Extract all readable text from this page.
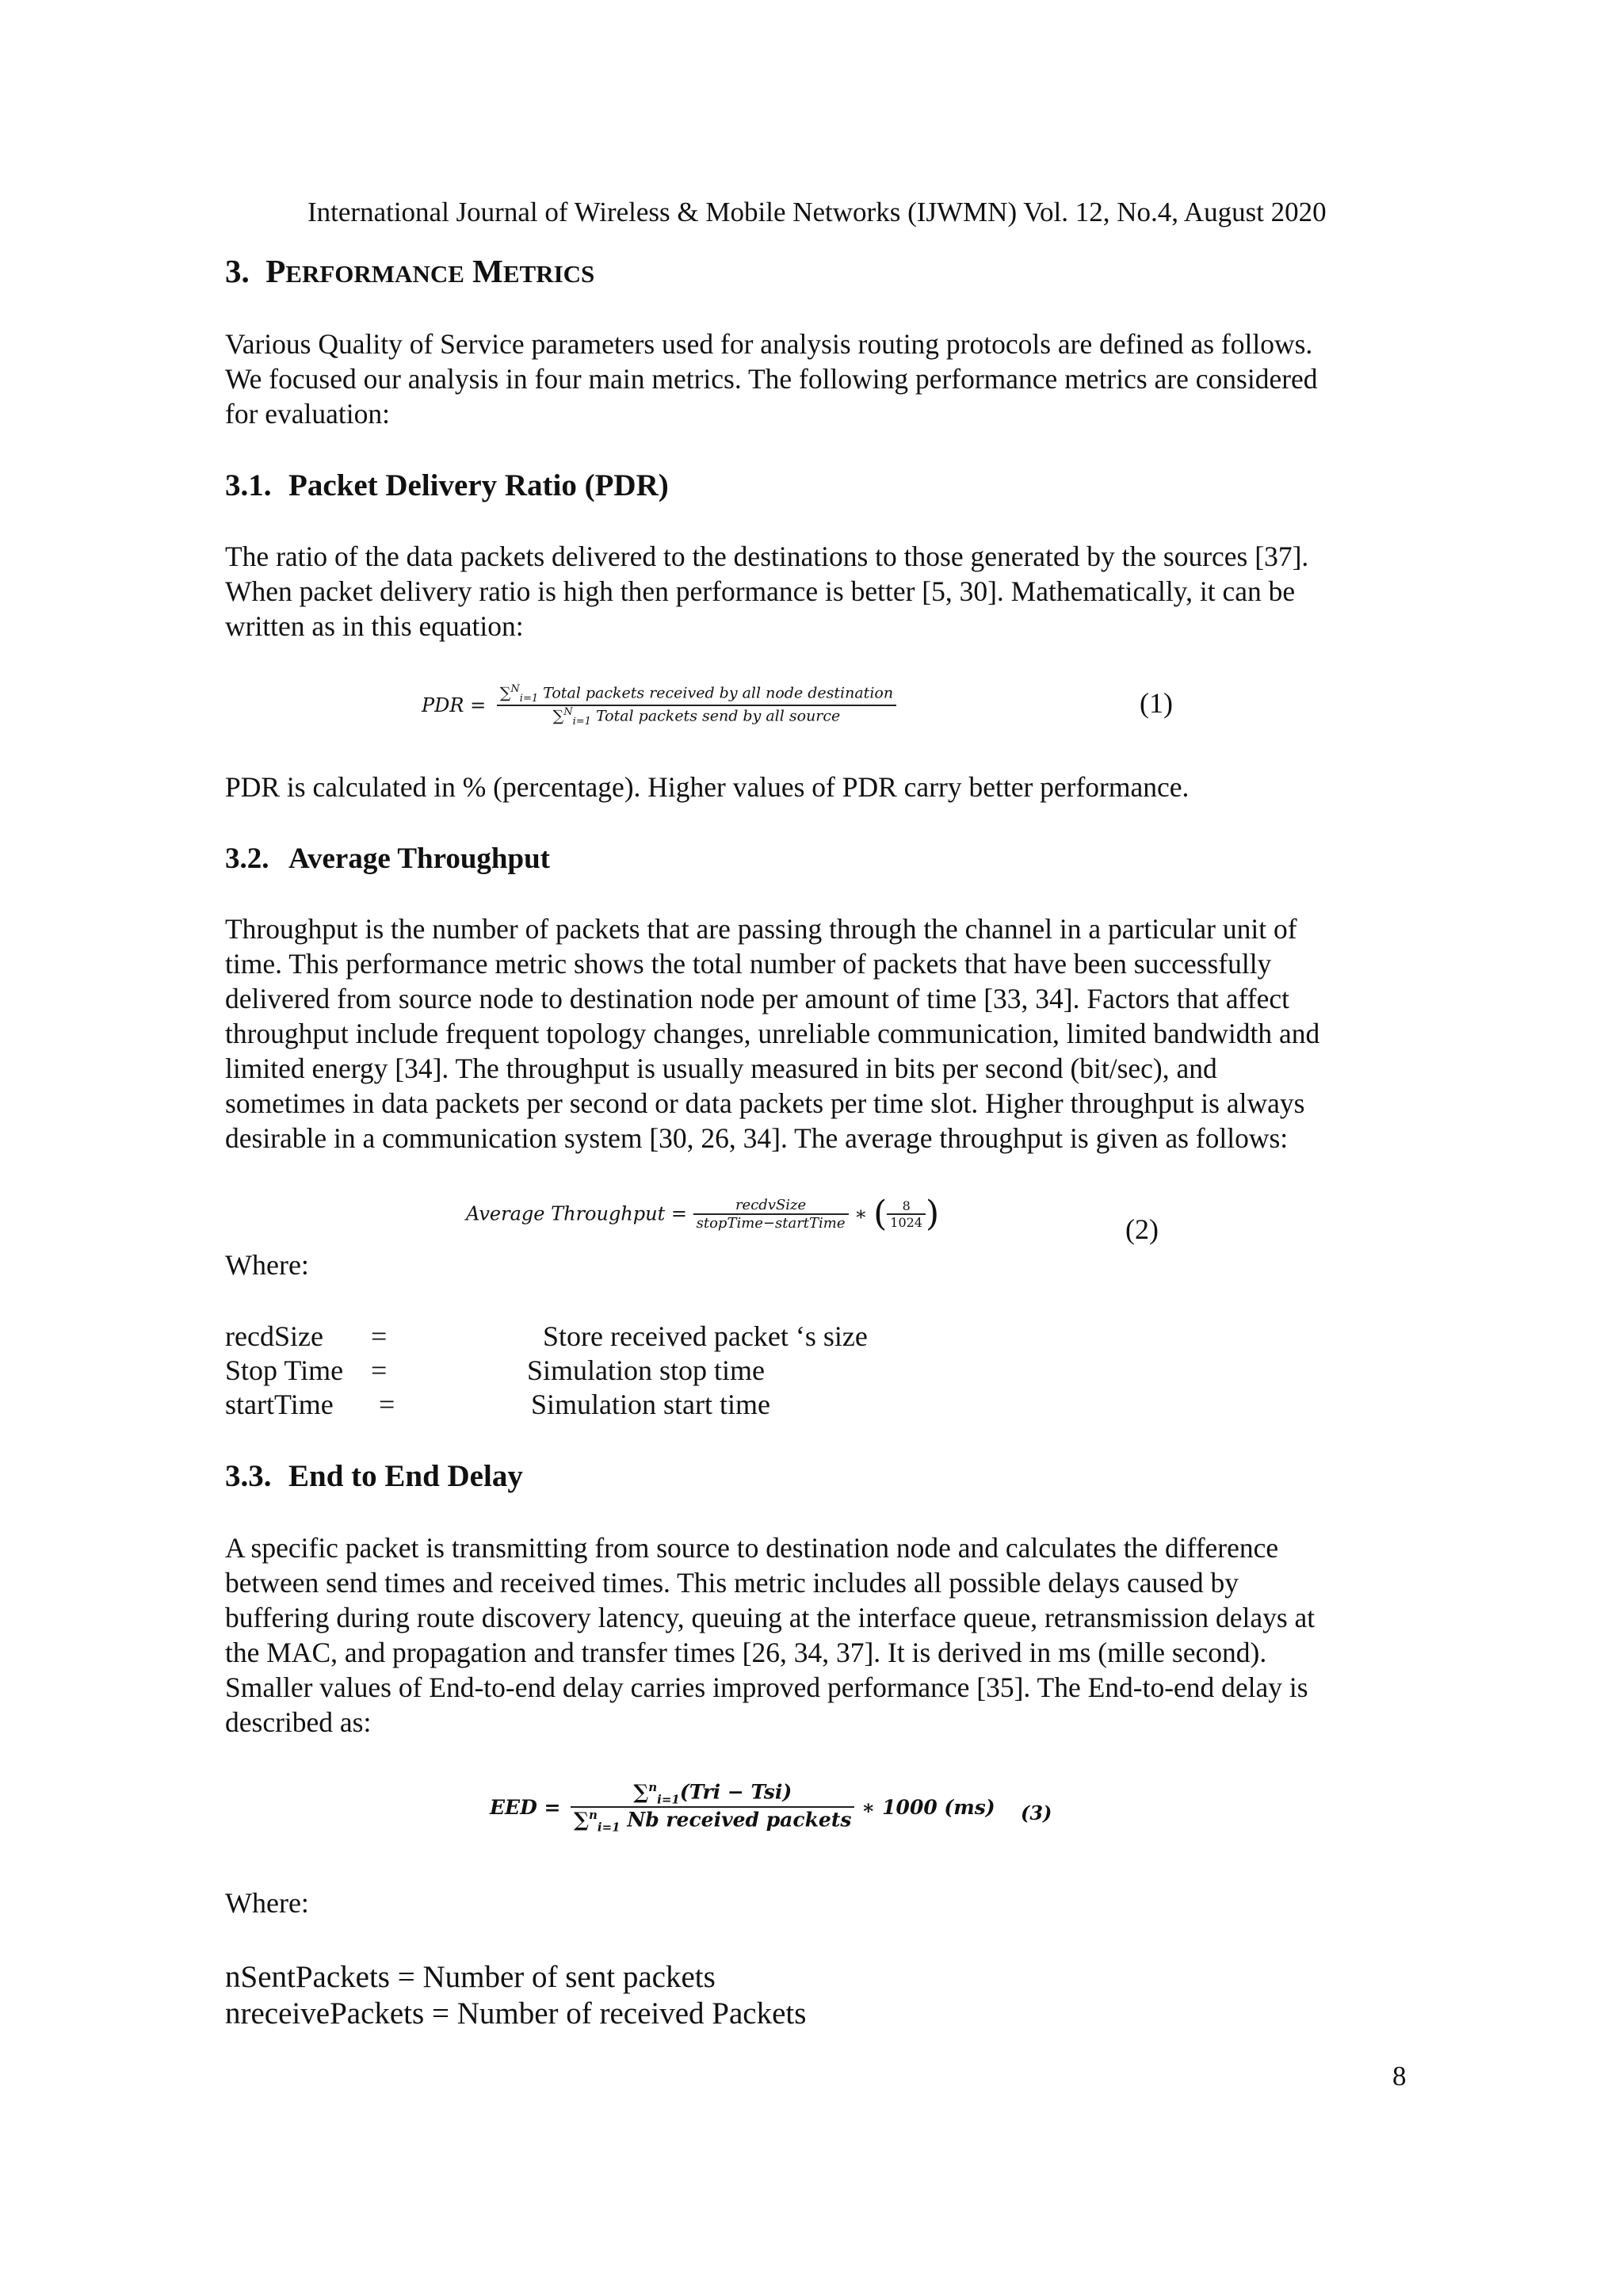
International Journal of Wireless & Mobile Networks (IJWMN) Vol. 12, No.4, August 2020
3. PERFORMANCE METRICS
Various Quality of Service parameters used for analysis routing protocols are defined as follows.
We focused our analysis in four main metrics. The following performance metrics are considered
for evaluation:
3.1. Packet Delivery Ratio (PDR)
The ratio of the data packets delivered to the destinations to those generated by the sources [37].
When packet delivery ratio is high then performance is better [5, 30]. Mathematically, it can be
written as in this equation:
PDR = $\frac{\sum^N_{i=1} Total packets received by all node destination}{\sum^N_{i=1} Total packets send by all source}$	(1)
PDR is calculated in % (percentage). Higher values of PDR carry better performance.
3.2. Average Throughput
Throughput is the number of packets that are passing through the channel in a particular unit of
time. This performance metric shows the total number of packets that have been successfully
delivered from source node to destination node per amount of time [33, 34]. Factors that affect
throughput include frequent topology changes, unreliable communication, limited bandwidth and
limited energy [34]. The throughput is usually measured in bits per second (bit/sec), and
sometimes in data packets per second or data packets per time slot. Higher throughput is always
desirable in a communication system [30, 26, 34]. The average throughput is given as follows:
Average Throughput = $\frac{\text{recdvSize}}{\text{stopTime−startTime}}$ ∗ ( $\frac{8}{1024}$ )	(2)
Where:
recdSize =	Store received packet ‘s size
Stop Time =	Simulation stop time
startTime =	Simulation start time
3.3. End to End Delay
A specific packet is transmitting from source to destination node and calculates the difference
between send times and received times. This metric includes all possible delays caused by
buffering during route discovery latency, queuing at the interface queue, retransmission delays at
the MAC, and propagation and transfer times [26, 34, 37]. It is derived in ms (mille second).
Smaller values of End-to-end delay carries improved performance [35]. The End-to-end delay is
described as:
EED = $\frac{\sum^n_{i=1}(Tri - Tsi)}{\sum^n_{i=1} Nb received packets}$ ∗ 1000 (ms) (3)
Where:
nSentPackets = Number of sent packets
nreceivePackets = Number of received Packets
8
